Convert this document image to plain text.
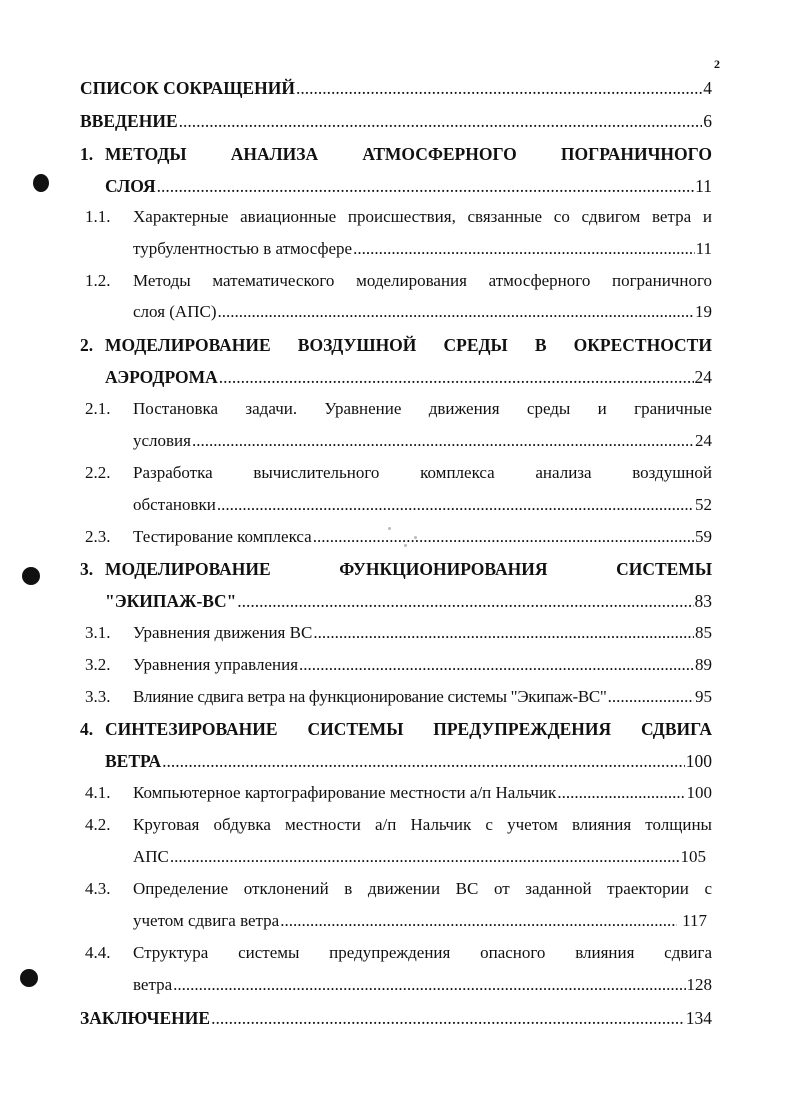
2
СПИСОК СОКРАЩЕНИЙ .....	4
ВВЕДЕНИЕ .....	6
1. МЕТОДЫ	АНАЛИЗА	АТМОСФЕРНОГО	ПОГРАНИЧНОГО
СЛОЯ .....	11
1.1. Характерные авиационные происшествия, связанные со сдвигом ветра и
турбулентностью в атмосфере .....	11
1.2. Методы математического моделирования атмосферного пограничного
слоя (АПС) .....	19
2. МОДЕЛИРОВАНИЕ ВОЗДУШНОЙ СРЕДЫ В ОКРЕСТНОСТИ
АЭРОДРОМА .....	24
2.1. Постановка задачи. Уравнение движения среды и граничные
условия .....	24
2.2. Разработка вычислительного комплекса анализа воздушной
обстановки .....	52
2.3. Тестирование комплекса .....	59
3. МОДЕЛИРОВАНИЕ	ФУНКЦИОНИРОВАНИЯ	СИСТЕМЫ
"ЭКИПАЖ-ВС" .....	83
3.1. Уравнения движения ВС .....	85
3.2. Уравнения управления .....	89
3.3. Влияние сдвига ветра на функционирование системы "Экипаж-ВС" .....	95
4. СИНТЕЗИРОВАНИЕ СИСТЕМЫ ПРЕДУПРЕЖДЕНИЯ СДВИГА
ВЕТРА .....	100
4.1. Компьютерное картографирование местности а/п Нальчик .....	100
4.2. Круговая обдувка местности а/п Нальчик с учетом влияния толщины
АПС .....	105
4.3. Определение отклонений в движении ВС от заданной траектории с
учетом сдвига ветра .....	117
4.4. Структура системы предупреждения опасного влияния сдвига
ветра .....	128
ЗАКЛЮЧЕНИЕ .....	134
